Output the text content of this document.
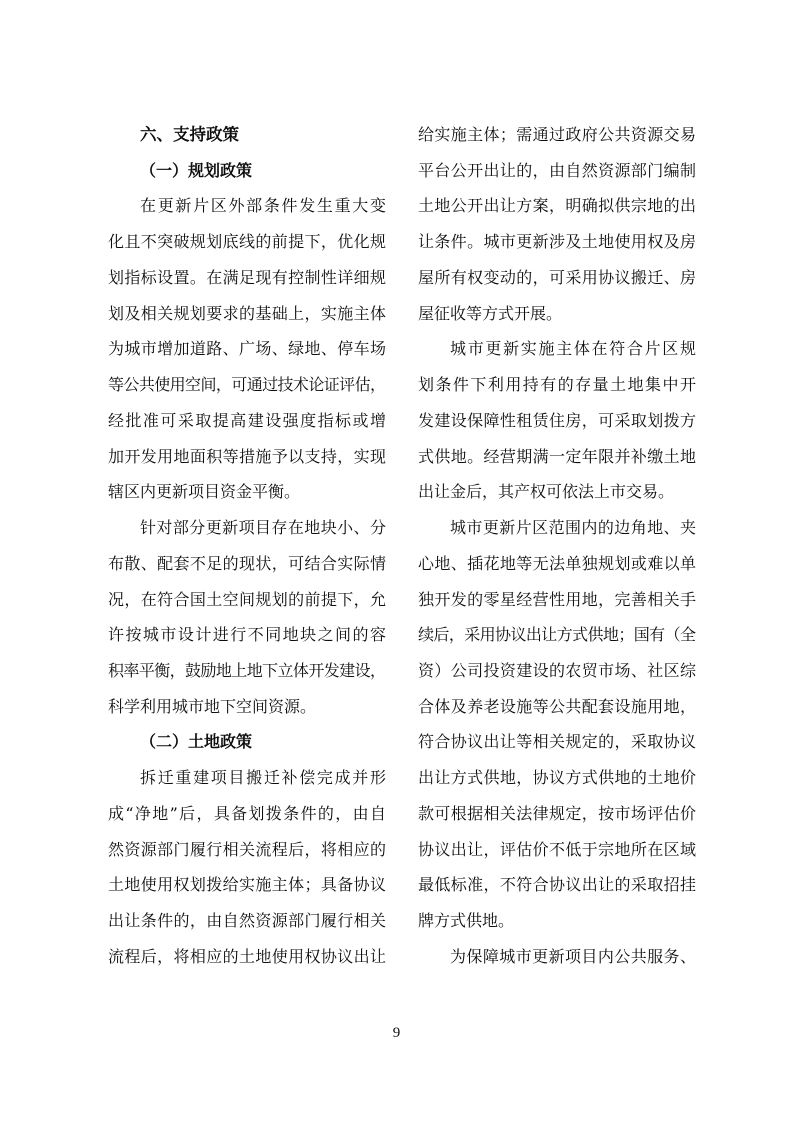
六、支持政策
（一）规划政策
在更新片区外部条件发生重大变
化且不突破规划底线的前提下，优化规
划指标设置。在满足现有控制性详细规
划及相关规划要求的基础上，实施主体
为城市增加道路、广场、绿地、停车场
等公共使用空间，可通过技术论证评估，
经批准可采取提高建设强度指标或增
加开发用地面积等措施予以支持，实现
辖区内更新项目资金平衡。
针对部分更新项目存在地块小、分
布散、配套不足的现状，可结合实际情
况，在符合国土空间规划的前提下，允
许按城市设计进行不同地块之间的容
积率平衡，鼓励地上地下立体开发建设，
科学利用城市地下空间资源。
（二）土地政策
拆迁重建项目搬迁补偿完成并形
成“净地”后，具备划拨条件的，由自
然资源部门履行相关流程后，将相应的
土地使用权划拨给实施主体；具备协议
出让条件的，由自然资源部门履行相关
流程后，将相应的土地使用权协议出让
给实施主体；需通过政府公共资源交易
平台公开出让的，由自然资源部门编制
土地公开出让方案，明确拟供宗地的出
让条件。城市更新涉及土地使用权及房
屋所有权变动的，可采用协议搬迁、房
屋征收等方式开展。
城市更新实施主体在符合片区规
划条件下利用持有的存量土地集中开
发建设保障性租赁住房，可采取划拨方
式供地。经营期满一定年限并补缴土地
出让金后，其产权可依法上市交易。
城市更新片区范围内的边角地、夹
心地、插花地等无法单独规划或难以单
独开发的零星经营性用地，完善相关手
续后，采用协议出让方式供地；国有（全
资）公司投资建设的农贸市场、社区综
合体及养老设施等公共配套设施用地，
符合协议出让等相关规定的，采取协议
出让方式供地，协议方式供地的土地价
款可根据相关法律规定，按市场评估价
协议出让，评估价不低于宗地所在区域
最低标准，不符合协议出让的采取招挂
牌方式供地。
为保障城市更新项目内公共服务、
9
